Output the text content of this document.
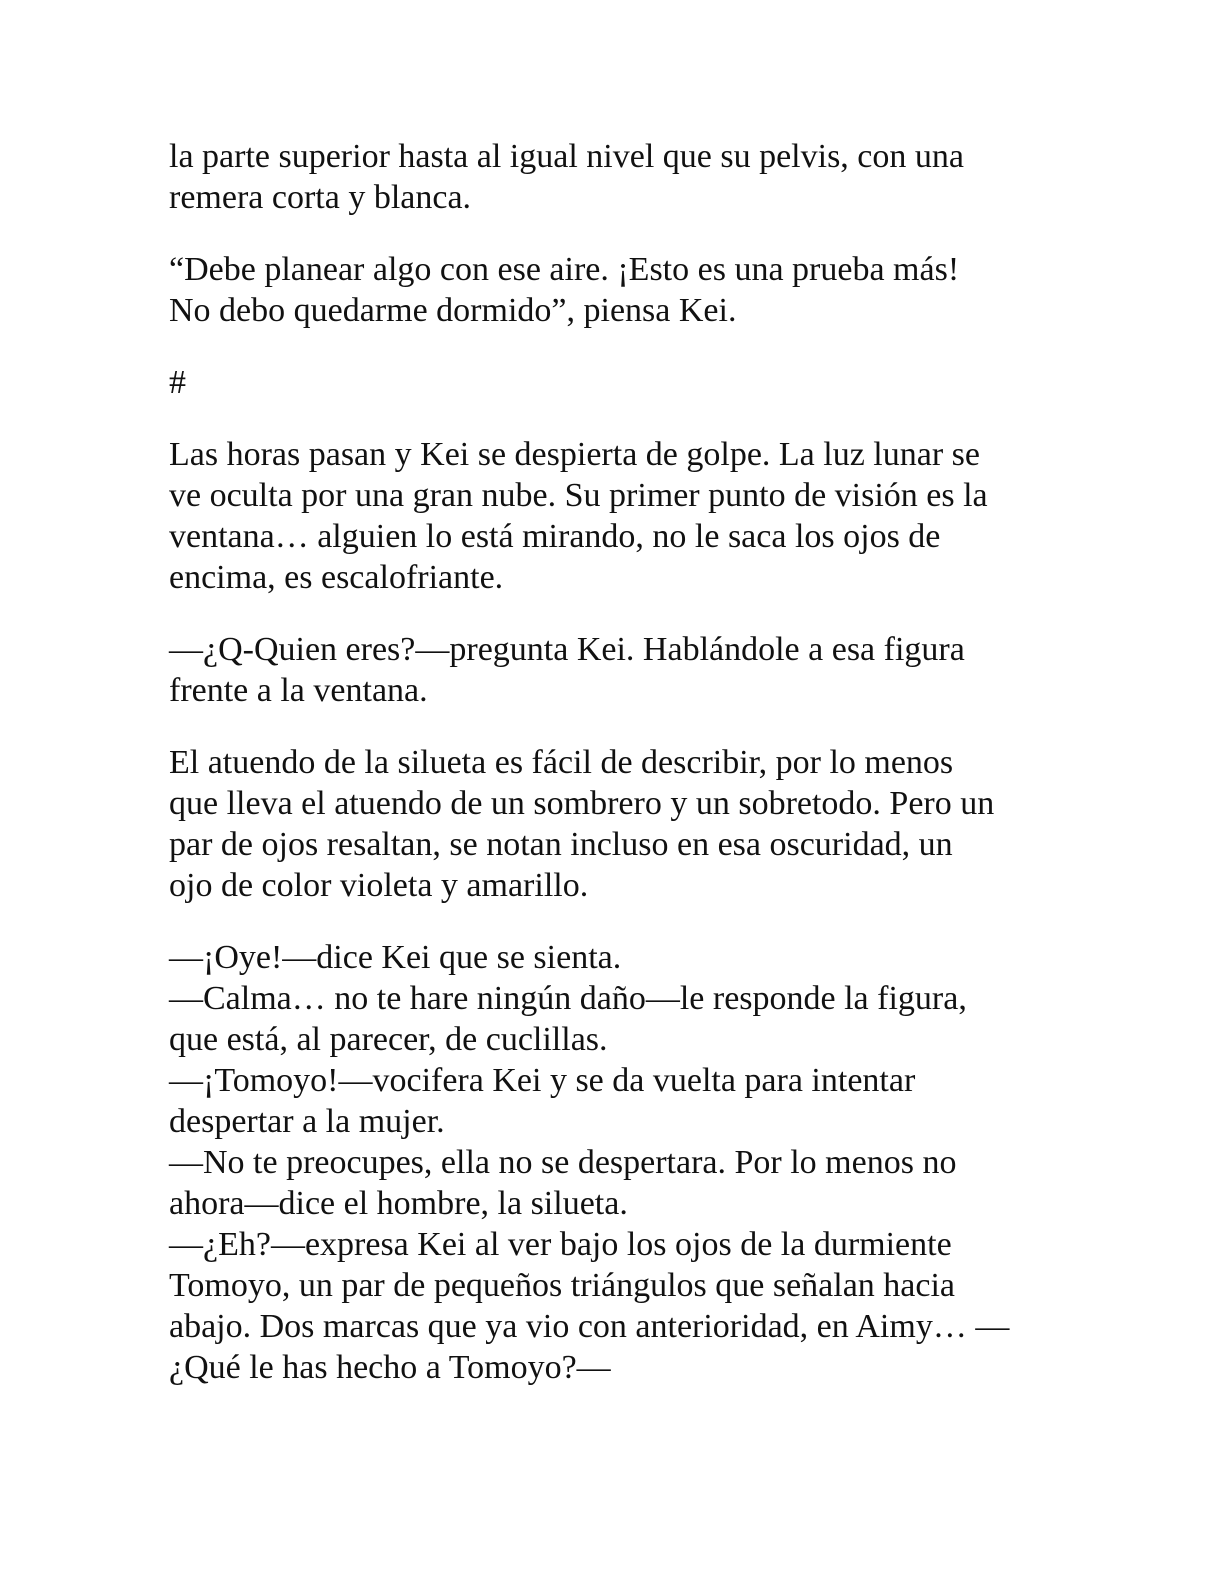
la parte superior hasta al igual nivel que su pelvis, con una
remera corta y blanca.
“Debe planear algo con ese aire. ¡Esto es una prueba más!
No debo quedarme dormido”, piensa Kei.
#
Las horas pasan y Kei se despierta de golpe. La luz lunar se
ve oculta por una gran nube. Su primer punto de visión es la
ventana… alguien lo está mirando, no le saca los ojos de
encima, es escalofriante.
—¿Q-Quien eres?—pregunta Kei. Hablándole a esa figura
frente a la ventana.
El atuendo de la silueta es fácil de describir, por lo menos
que lleva el atuendo de un sombrero y un sobretodo. Pero un
par de ojos resaltan, se notan incluso en esa oscuridad, un
ojo de color violeta y amarillo.
—¡Oye!—dice Kei que se sienta.
—Calma… no te hare ningún daño—le responde la figura,
que está, al parecer, de cuclillas.
—¡Tomoyo!—vocifera Kei y se da vuelta para intentar
despertar a la mujer.
—No te preocupes, ella no se despertara. Por lo menos no
ahora—dice el hombre, la silueta.
—¿Eh?—expresa Kei al ver bajo los ojos de la durmiente
Tomoyo, un par de pequeños triángulos que señalan hacia
abajo. Dos marcas que ya vio con anterioridad, en Aimy… —
¿Qué le has hecho a Tomoyo?—
